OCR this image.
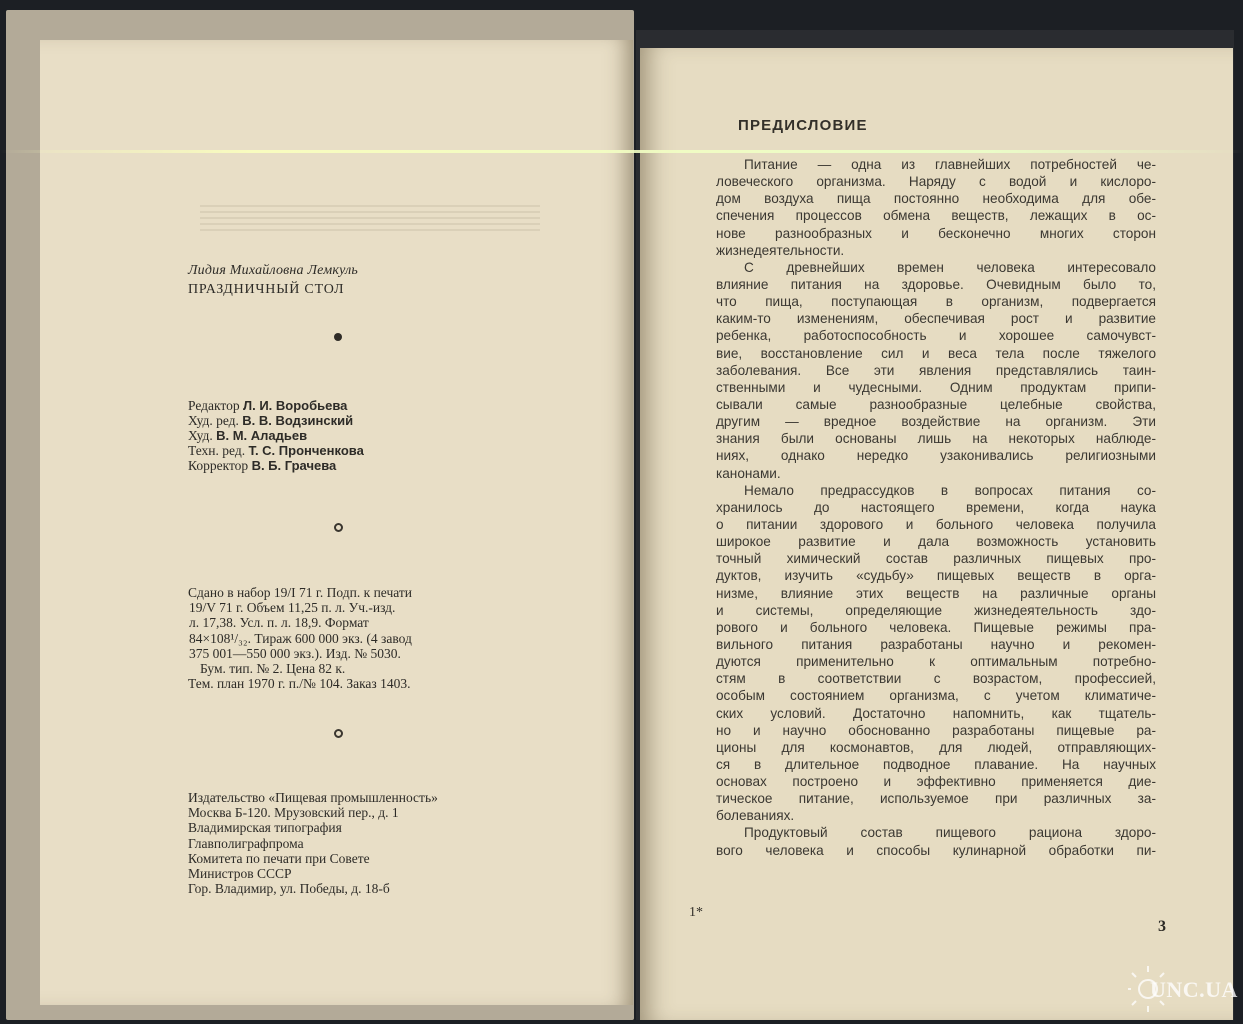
Лидия Михайловна Лемкуль
ПРАЗДНИЧНЫЙ СТОЛ
Редактор Л. И. Воробьева
Худ. ред. В. В. Водзинский
Худ. В. М. Аладьев
Техн. ред. Т. С. Пронченкова
Корректор В. Б. Грачева
Сдано в набор 19/I 71 г. Подп. к печати
19/V 71 г. Объем 11,25 п. л. Уч.-изд.
л. 17,38. Усл. п. л. 18,9. Формат
84×108¹/₃₂. Тираж 600 000 экз. (4 завод
375 001—550 000 экз.). Изд. № 5030.
Бум. тип. № 2. Цена 82 к.
Тем. план 1970 г. п./№ 104. Заказ 1403.
Издательство «Пищевая промышленность»
Москва Б-120. Мрузовский пер., д. 1
Владимирская типография
Главполиграфпрома
Комитета по печати при Совете
Министров СССР
Гор. Владимир, ул. Победы, д. 18-б
ПРЕДИСЛОВИЕ
Питание — одна из главнейших потребностей че-
ловеческого организма. Наряду с водой и кислоро-
дом воздуха пища постоянно необходима для обе-
спечения процессов обмена веществ, лежащих в ос-
нове разнообразных и бесконечно многих сторон
жизнедеятельности.
С древнейших времен человека интересовало
влияние питания на здоровье. Очевидным было то,
что пища, поступающая в организм, подвергается
каким-то изменениям, обеспечивая рост и развитие
ребенка, работоспособность и хорошее самочувст-
вие, восстановление сил и веса тела после тяжелого
заболевания. Все эти явления представлялись таин-
ственными и чудесными. Одним продуктам припи-
сывали самые разнообразные целебные свойства,
другим — вредное воздействие на организм. Эти
знания были основаны лишь на некоторых наблюде-
ниях, однако нередко узаконивались религиозными
канонами.
Немало предрассудков в вопросах питания со-
хранилось до настоящего времени, когда наука
о питании здорового и больного человека получила
широкое развитие и дала возможность установить
точный химический состав различных пищевых про-
дуктов, изучить «судьбу» пищевых веществ в орга-
низме, влияние этих веществ на различные органы
и системы, определяющие жизнедеятельность здо-
рового и больного человека. Пищевые режимы пра-
вильного питания разработаны научно и рекомен-
дуются применительно к оптимальным потребно-
стям в соответствии с возрастом, профессией,
особым состоянием организма, с учетом климатиче-
ских условий. Достаточно напомнить, как тщатель-
но и научно обоснованно разработаны пищевые ра-
ционы для космонавтов, для людей, отправляющих-
ся в длительное подводное плавание. На научных
основах построено и эффективно применяется дие-
тическое питание, используемое при различных за-
болеваниях.
Продуктовый состав пищевого рациона здоро-
вого человека и способы кулинарной обработки пи-
1*
3
UNC.UA
